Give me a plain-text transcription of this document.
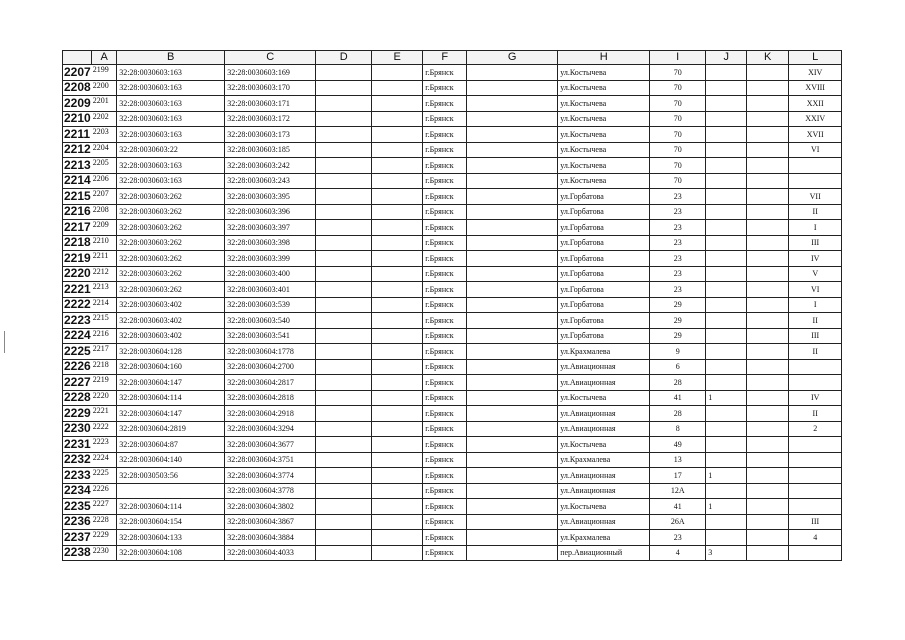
	A	B	C	D	E	F	G	H	I	J	K	L
2207	2199	32:28:0030603:163	32:28:0030603:169			г.Брянск		ул.Костычева	70			XIV
2208	2200	32:28:0030603:163	32:28:0030603:170			г.Брянск		ул.Костычева	70			XVIII
2209	2201	32:28:0030603:163	32:28:0030603:171			г.Брянск		ул.Костычева	70			XXII
2210	2202	32:28:0030603:163	32:28:0030603:172			г.Брянск		ул.Костычева	70			XXIV
2211	2203	32:28:0030603:163	32:28:0030603:173			г.Брянск		ул.Костычева	70			XVII
2212	2204	32:28:0030603:22	32:28:0030603:185			г.Брянск		ул.Костычева	70			VI
2213	2205	32:28:0030603:163	32:28:0030603:242			г.Брянск		ул.Костычева	70			
2214	2206	32:28:0030603:163	32:28:0030603:243			г.Брянск		ул.Костычева	70			
2215	2207	32:28:0030603:262	32:28:0030603:395			г.Брянск		ул.Горбатова	23			VII
2216	2208	32:28:0030603:262	32:28:0030603:396			г.Брянск		ул.Горбатова	23			II
2217	2209	32:28:0030603:262	32:28:0030603:397			г.Брянск		ул.Горбатова	23			I
2218	2210	32:28:0030603:262	32:28:0030603:398			г.Брянск		ул.Горбатова	23			III
2219	2211	32:28:0030603:262	32:28:0030603:399			г.Брянск		ул.Горбатова	23			IV
2220	2212	32:28:0030603:262	32:28:0030603:400			г.Брянск		ул.Горбатова	23			V
2221	2213	32:28:0030603:262	32:28:0030603:401			г.Брянск		ул.Горбатова	23			VI
2222	2214	32:28:0030603:402	32:28:0030603:539			г.Брянск		ул.Горбатова	29			I
2223	2215	32:28:0030603:402	32:28:0030603:540			г.Брянск		ул.Горбатова	29			II
2224	2216	32:28:0030603:402	32:28:0030603:541			г.Брянск		ул.Горбатова	29			III
2225	2217	32:28:0030604:128	32:28:0030604:1778			г.Брянск		ул.Крахмалева	9			II
2226	2218	32:28:0030604:160	32:28:0030604:2700			г.Брянск		ул.Авиационная	6			
2227	2219	32:28:0030604:147	32:28:0030604:2817			г.Брянск		ул.Авиационная	28			
2228	2220	32:28:0030604:114	32:28:0030604:2818			г.Брянск		ул.Костычева	41	1		IV
2229	2221	32:28:0030604:147	32:28:0030604:2918			г.Брянск		ул.Авиационная	28			II
2230	2222	32:28:0030604:2819	32:28:0030604:3294			г.Брянск		ул.Авиационная	8			2
2231	2223	32:28:0030604:87	32:28:0030604:3677			г.Брянск		ул.Костычева	49			
2232	2224	32:28:0030604:140	32:28:0030604:3751			г.Брянск		ул.Крахмалева	13			
2233	2225	32:28:0030503:56	32:28:0030604:3774			г.Брянск		ул.Авиационная	17	1		
2234	2226		32:28:0030604:3778			г.Брянск		ул.Авиационная	12А			
2235	2227	32:28:0030604:114	32:28:0030604:3802			г.Брянск		ул.Костычева	41	1		
2236	2228	32:28:0030604:154	32:28:0030604:3867			г.Брянск		ул.Авиационная	26А			III
2237	2229	32:28:0030604:133	32:28:0030604:3884			г.Брянск		ул.Крахмалева	23			4
2238	2230	32:28:0030604:108	32:28:0030604:4033			г.Брянск		пер.Авиационный	4	3		
